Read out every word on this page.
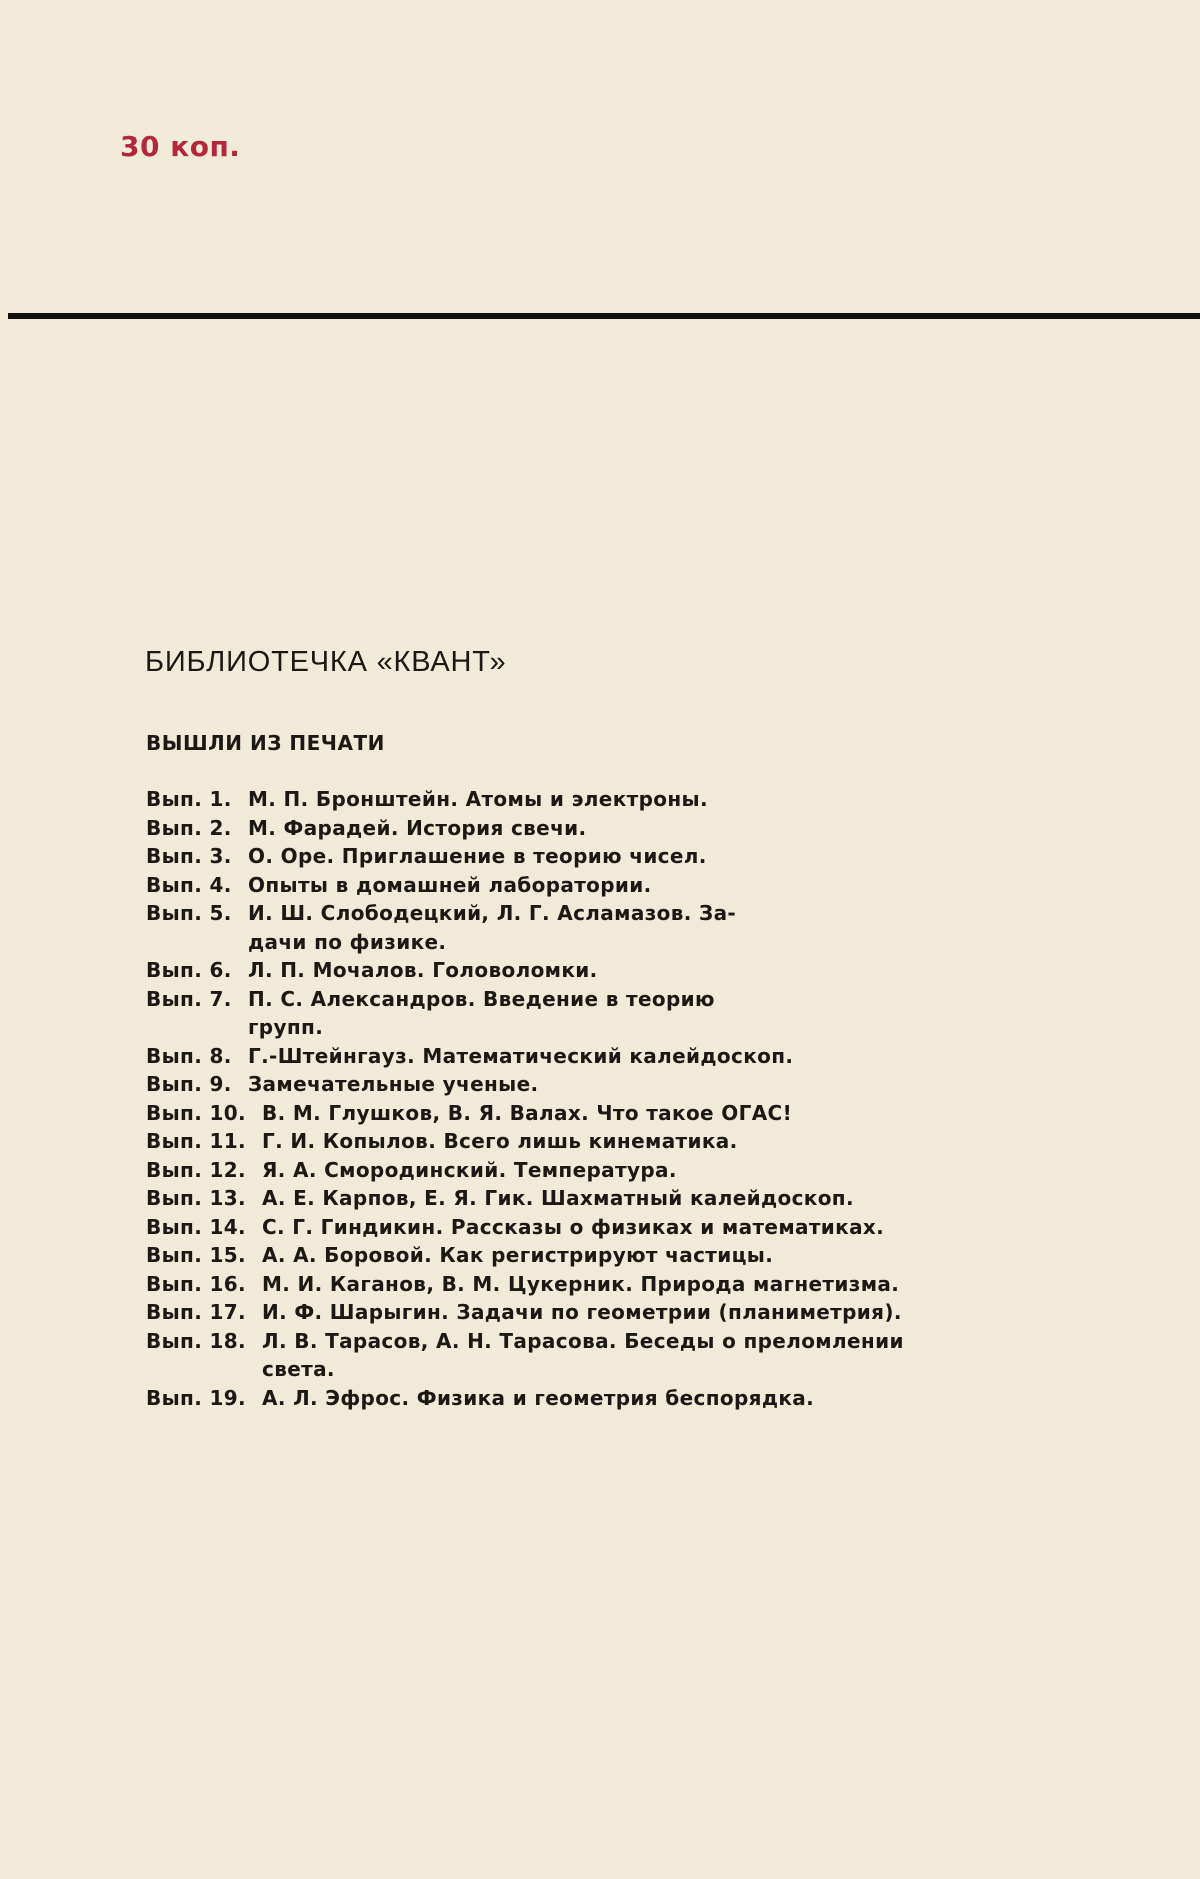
30 коп.
БИБЛИОТЕЧКА «КВАНТ»
ВЫШЛИ ИЗ ПЕЧАТИ
Вып. 1. М. П. Бронштейн. Атомы и электроны.
Вып. 2. М. Фарадей. История свечи.
Вып. 3. О. Оре. Приглашение в теорию чисел.
Вып. 4. Опыты в домашней лаборатории.
Вып. 5. И. Ш. Слободецкий, Л. Г. Асламазов. За-
дачи по физике.
Вып. 6. Л. П. Мочалов. Головоломки.
Вып. 7. П. С. Александров. Введение в теорию
групп.
Вып. 8. Г.-Штейнгауз. Математический калейдоскоп.
Вып. 9. Замечательные ученые.
Вып. 10. В. М. Глушков, В. Я. Валах. Что такое ОГАС!
Вып. 11. Г. И. Копылов. Всего лишь кинематика.
Вып. 12. Я. А. Смородинский. Температура.
Вып. 13. А. Е. Карпов, Е. Я. Гик. Шахматный калейдоскоп.
Вып. 14. С. Г. Гиндикин. Рассказы о физиках и математиках.
Вып. 15. А. А. Боровой. Как регистрируют частицы.
Вып. 16. М. И. Каганов, В. М. Цукерник. Природа магнетизма.
Вып. 17. И. Ф. Шарыгин. Задачи по геометрии (планиметрия).
Вып. 18. Л. В. Тарасов, А. Н. Тарасова. Беседы о преломлении
света.
Вып. 19. А. Л. Эфрос. Физика и геометрия беспорядка.
